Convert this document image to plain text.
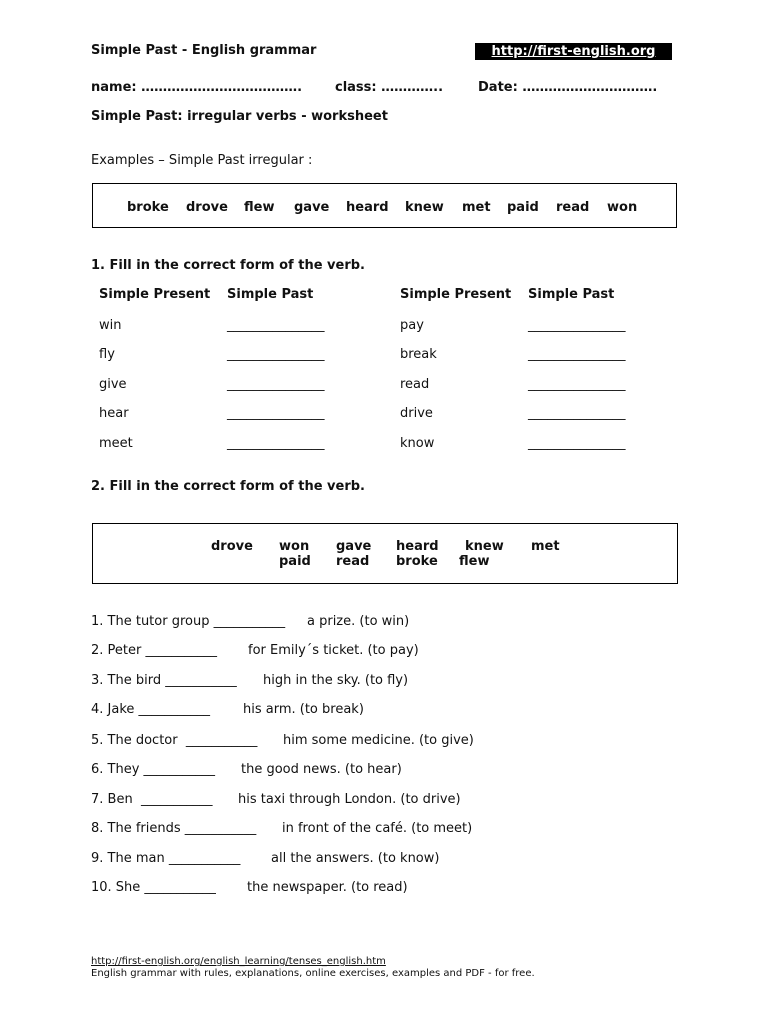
Simple Past - English grammar	http://first-english.org
name: ……………………………….	class: …………..	Date: ………………………….
Simple Past: irregular verbs - worksheet
Examples – Simple Past irregular :

broke

drove

flew

gave

heard

knew

met

paid

read

won

1. Fill in the correct form of the verb.
Simple Present Simple Past	Simple Present Simple Past
win	_______________	pay	_______________
fly	_______________	break	_______________
give	_______________	read	_______________
hear	_______________	drive	_______________
meet	_______________	know	_______________
2. Fill in the correct form of the verb.

drove

won

gave

heard

knew

met

paid

read

broke

flew

1. The tutor group ___________ a prize. (to win)
2. Peter ___________ for Emily´s ticket. (to pay)
3. The bird ___________ high in the sky. (to fly)
4. Jake ___________	his arm. (to break)
5. The doctor  ___________ him some medicine. (to give)
6. They ___________ the good news. (to hear)
7. Ben  ___________ his taxi through London. (to drive)
8. The friends ___________ in front of the café. (to meet)
9. The man ___________ all the answers. (to know)
10. She ___________ the newspaper. (to read)
http://first-english.org/english_learning/tenses_english.htm
English grammar with rules, explanations, online exercises, examples and PDF - for free.
